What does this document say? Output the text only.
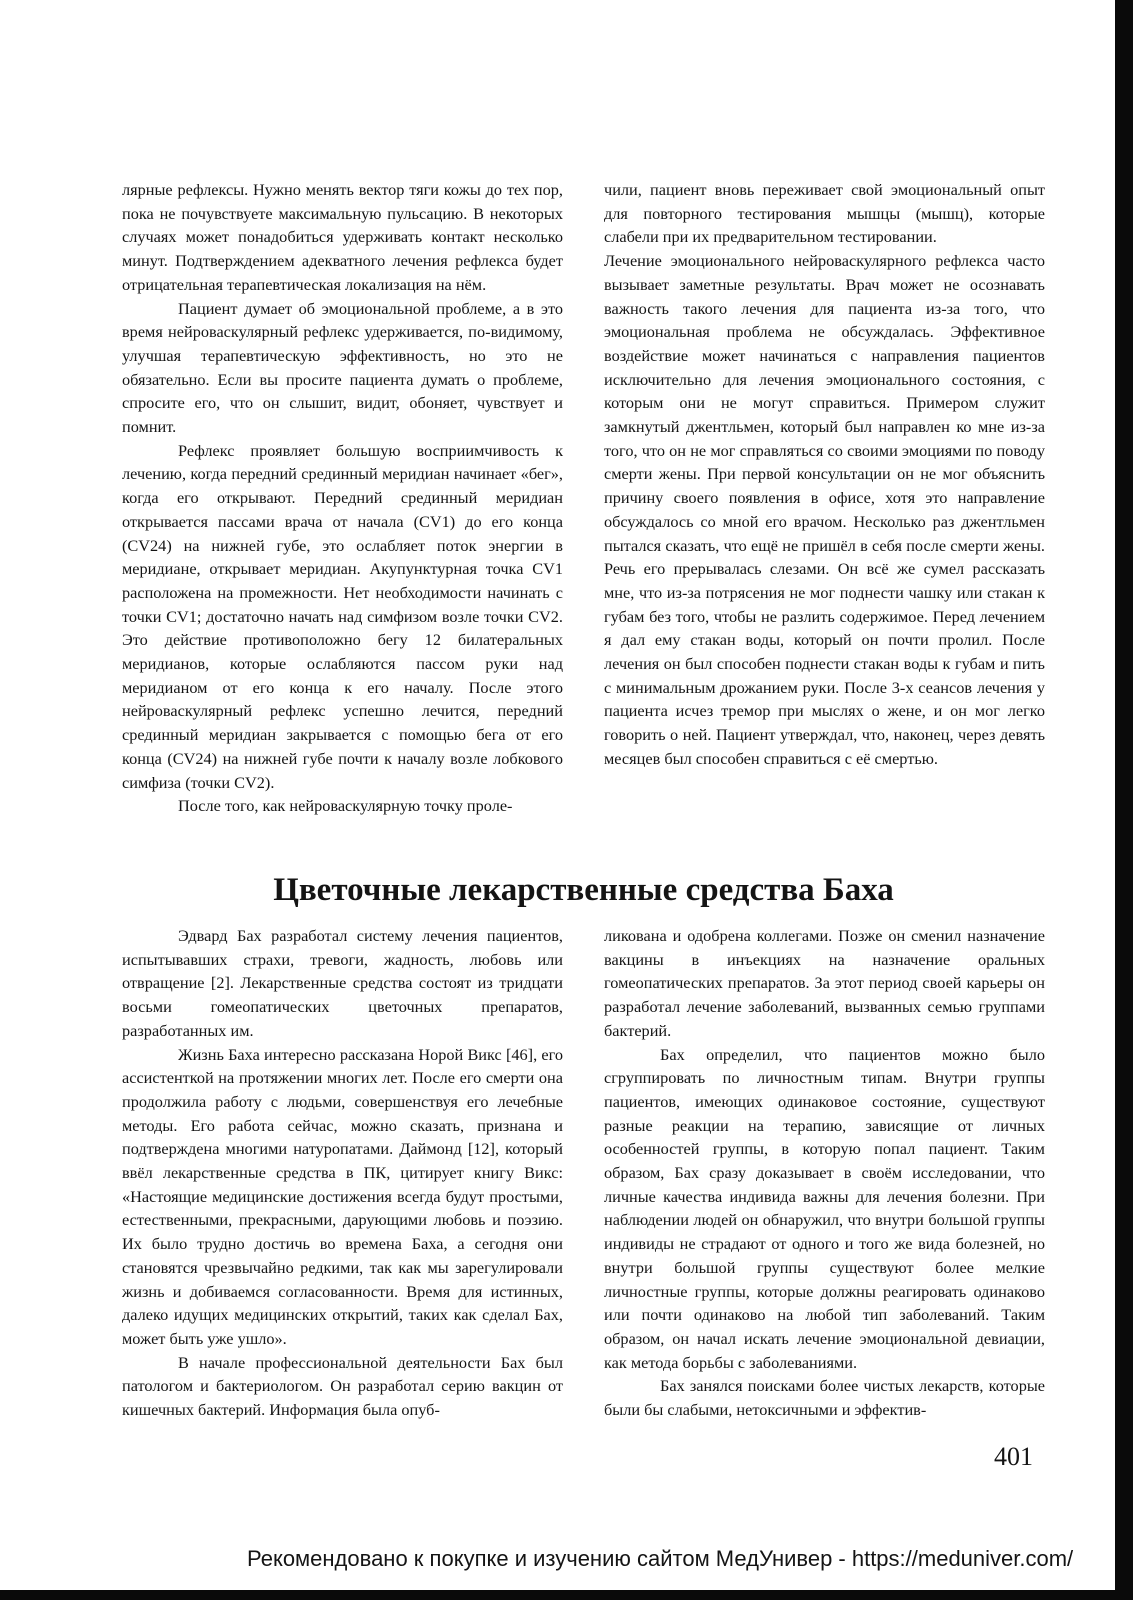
лярные рефлексы. Нужно менять вектор тяги кожы до тех пор, пока не почувствуете максимальную пульсацию. В некоторых случаях может понадобиться удерживать контакт несколько минут. Подтверждением адекватного лечения рефлекса будет отрицательная терапевтическая локализация на нём.

Пациент думает об эмоциональной проблеме, а в это время нейроваскулярный рефлекс удерживается, по-видимому, улучшая терапевтическую эффективность, но это не обязательно. Если вы просите пациента думать о проблеме, спросите его, что он слышит, видит, обоняет, чувствует и помнит.

Рефлекс проявляет большую восприимчивость к лечению, когда передний срединный меридиан начинает «бег», когда его открывают. Передний срединный меридиан открывается пассами врача от начала (CV1) до его конца (CV24) на нижней губе, это ослабляет поток энергии в меридиане, открывает меридиан. Акупунктурная точка CV1 расположена на промежности. Нет необходимости начинать с точки CV1; достаточно начать над симфизом возле точки CV2. Это действие противоположно бегу 12 билатеральных меридианов, которые ослабляются пассом руки над меридианом от его конца к его началу. После этого нейроваскулярный рефлекс успешно лечится, передний срединный меридиан закрывается с помощью бега от его конца (CV24) на нижней губе почти к началу возле лобкового симфиза (точки CV2).

После того, как нейроваскулярную точку проле-

чили, пациент вновь переживает свой эмоциональный опыт для повторного тестирования мышцы (мышц), которые слабели при их предварительном тестировании.

Лечение эмоционального нейроваскулярного рефлекса часто вызывает заметные результаты. Врач может не осознавать важность такого лечения для пациента из-за того, что эмоциональная проблема не обсуждалась. Эффективное воздействие может начинаться с направления пациентов исключительно для лечения эмоционального состояния, с которым они не могут справиться. Примером служит замкнутый джентльмен, который был направлен ко мне из-за того, что он не мог справляться со своими эмоциями по поводу смерти жены. При первой консультации он не мог объяснить причину своего появления в офисе, хотя это направление обсуждалось со мной его врачом. Несколько раз джентльмен пытался сказать, что ещё не пришёл в себя после смерти жены. Речь его прерывалась слезами. Он всё же сумел рассказать мне, что из-за потрясения не мог поднести чашку или стакан к губам без того, чтобы не разлить содержимое. Перед лечением я дал ему стакан воды, который он почти пролил. После лечения он был способен поднести стакан воды к губам и пить с минимальным дрожанием руки. После 3-х сеансов лечения у пациента исчез тремор при мыслях о жене, и он мог легко говорить о ней. Пациент утверждал, что, наконец, через девять месяцев был способен справиться с её смертью.

Цветочные лекарственные средства Баха

Эдвард Бах разработал систему лечения пациентов, испытывавших страхи, тревоги, жадность, любовь или отвращение [2]. Лекарственные средства состоят из тридцати восьми гомеопатических цветочных препаратов, разработанных им.

Жизнь Баха интересно рассказана Норой Викс [46], его ассистенткой на протяжении многих лет. После его смерти она продолжила работу с людьми, совершенствуя его лечебные методы. Его работа сейчас, можно сказать, признана и подтверждена многими натуропатами. Даймонд [12], который ввёл лекарственные средства в ПК, цитирует книгу Викс: «Настоящие медицинские достижения всегда будут простыми, естественными, прекрасными, дарующими любовь и поэзию. Их было трудно достичь во времена Баха, а сегодня они становятся чрезвычайно редкими, так как мы зарегулировали жизнь и добиваемся согласованности. Время для истинных, далеко идущих медицинских открытий, таких как сделал Бах, может быть уже ушло».

В начале профессиональной деятельности Бах был патологом и бактериологом. Он разработал серию вакцин от кишечных бактерий. Информация была опуб-

ликована и одобрена коллегами. Позже он сменил назначение вакцины в инъекциях на назначение оральных гомеопатических препаратов. За этот период своей карьеры он разработал лечение заболеваний, вызванных семью группами бактерий.

Бах определил, что пациентов можно было сгруппировать по личностным типам. Внутри группы пациентов, имеющих одинаковое состояние, существуют разные реакции на терапию, зависящие от личных особенностей группы, в которую попал пациент. Таким образом, Бах сразу доказывает в своём исследовании, что личные качества индивида важны для лечения болезни. При наблюдении людей он обнаружил, что внутри большой группы индивиды не страдают от одного и того же вида болезней, но внутри большой группы существуют более мелкие личностные группы, которые должны реагировать одинаково или почти одинаково на любой тип заболеваний. Таким образом, он начал искать лечение эмоциональной девиации, как метода борьбы с заболеваниями.

Бах занялся поисками более чистых лекарств, которые были бы слабыми, нетоксичными и эффектив-

401
Рекомендовано к покупке и изучению сайтом МедУнивер - https://meduniver.com/
